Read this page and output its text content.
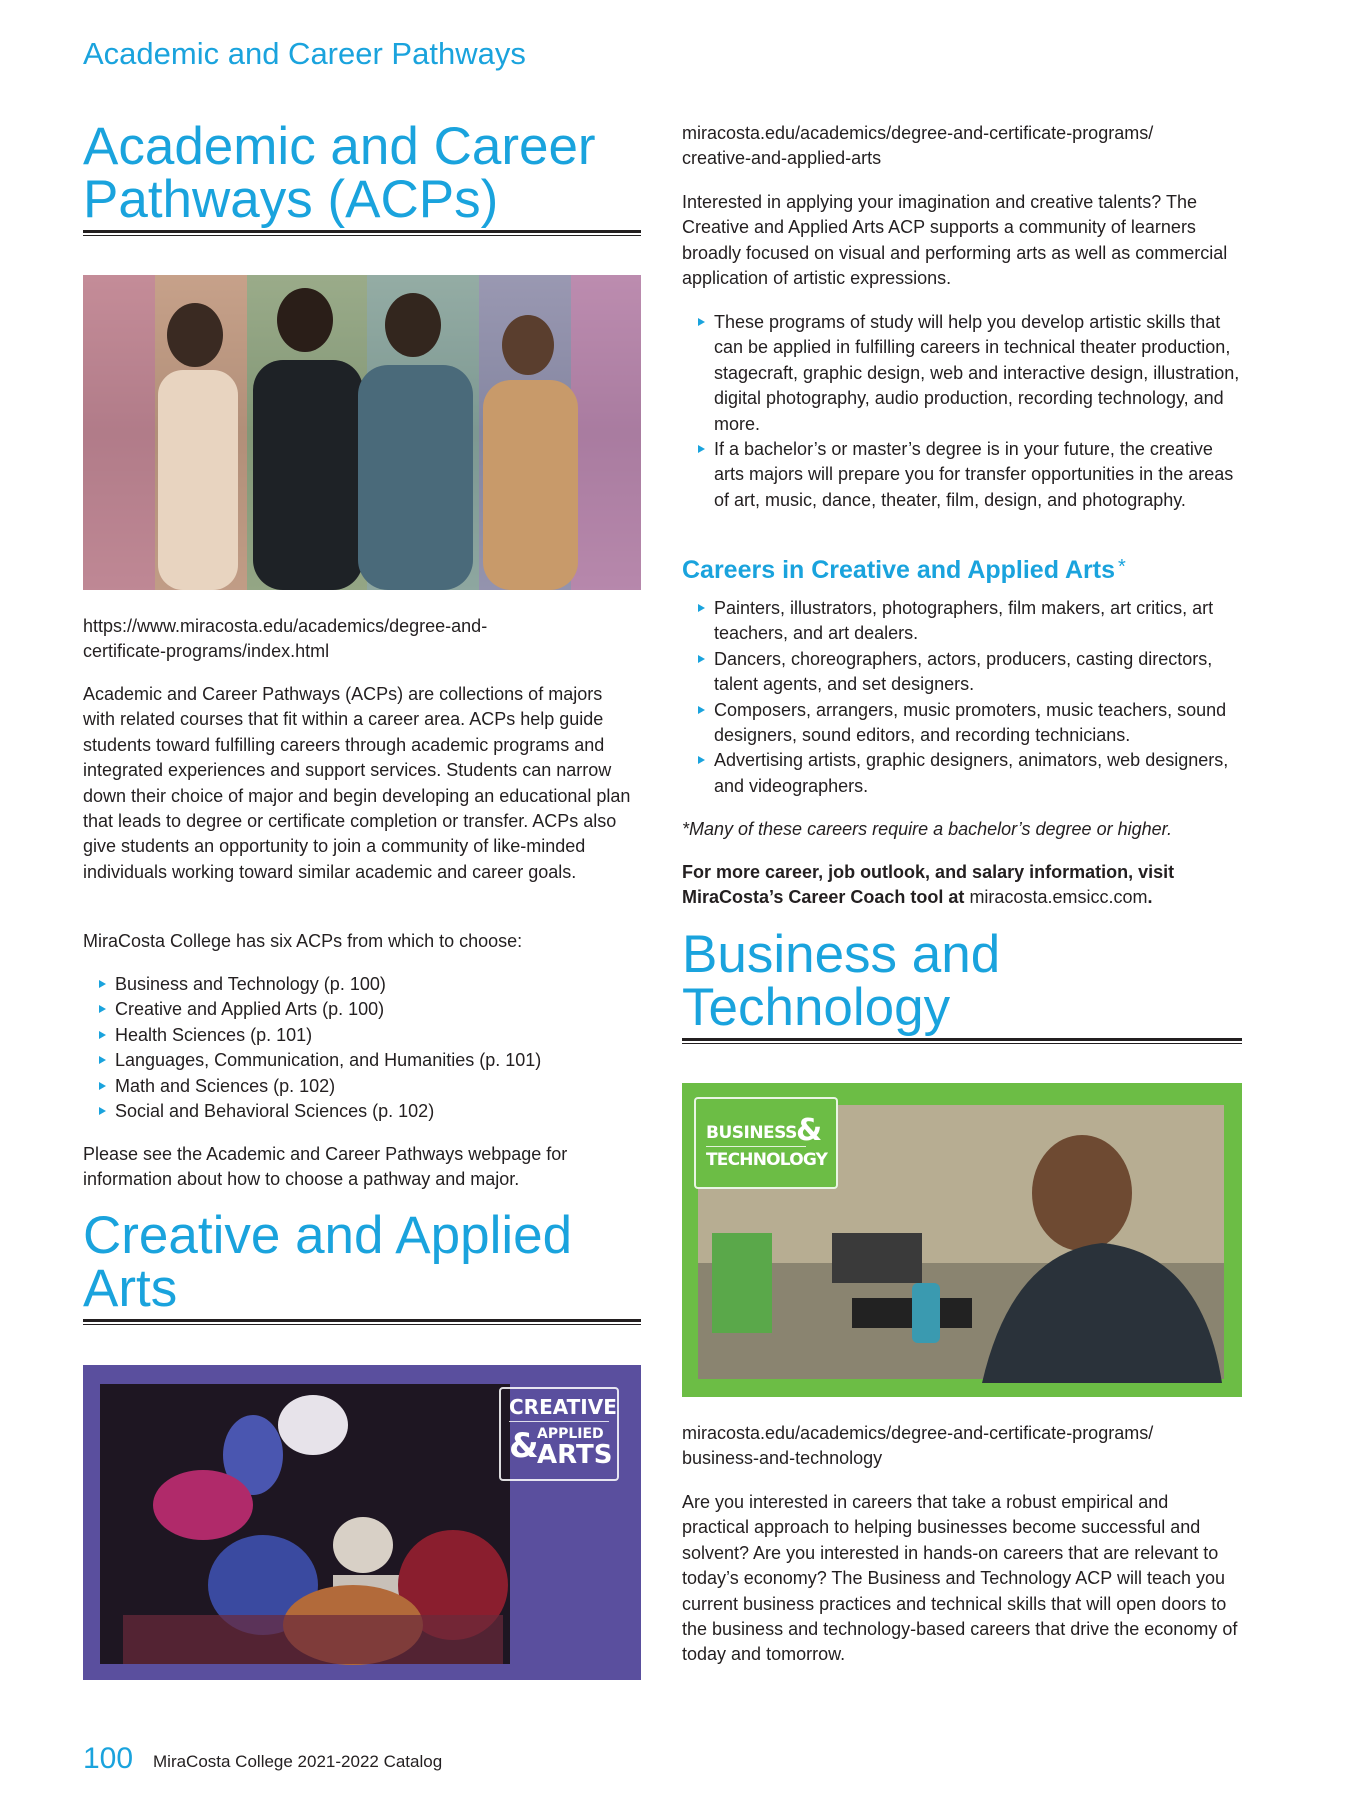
Academic and Career Pathways
Academic and Career
Pathways (ACPs)
https://www.miracosta.edu/academics/degree-and-
certificate-programs/index.html
Academic and Career Pathways (ACPs) are collections of majors with related courses that fit within a career area. ACPs help guide students toward fulfilling careers through academic programs and integrated experiences and support services. Students can narrow down their choice of major and begin developing an educational plan that leads to degree or certificate completion or transfer. ACPs also give students an opportunity to join a community of like-minded individuals working toward similar academic and career goals.
MiraCosta College has six ACPs from which to choose:
Business and Technology (p. 100)
Creative and Applied Arts (p. 100)
Health Sciences (p. 101)
Languages, Communication, and Humanities (p. 101)
Math and Sciences (p. 102)
Social and Behavioral Sciences (p. 102)
Please see the Academic and Career Pathways webpage for information about how to choose a pathway and major.
Creative and Applied
Arts
CREATIVE
&
APPLIED
ARTS
miracosta.edu/academics/degree-and-certificate-programs/
creative-and-applied-arts
Interested in applying your imagination and creative talents? The Creative and Applied Arts ACP supports a community of learners broadly focused on visual and performing arts as well as commercial application of artistic expressions.
These programs of study will help you develop artistic skills that can be applied in fulfilling careers in technical theater production, stagecraft, graphic design, web and interactive design, illustration, digital photography, audio production, recording technology, and more.
If a bachelor’s or master’s degree is in your future, the creative arts majors will prepare you for transfer opportunities in the areas of art, music, dance, theater, film, design, and photography.
Careers in Creative and Applied Arts *
Painters, illustrators, photographers, film makers, art critics, art teachers, and art dealers.
Dancers, choreographers, actors, producers, casting directors, talent agents, and set designers.
Composers, arrangers, music promoters, music teachers, sound designers, sound editors, and recording technicians.
Advertising artists, graphic designers, animators, web designers, and videographers.
*Many of these careers require a bachelor’s degree or higher.
For more career, job outlook, and salary information, visit MiraCosta’s Career Coach tool at miracosta.emsicc.com.
Business and
Technology
BUSINESS &
TECHNOLOGY
miracosta.edu/academics/degree-and-certificate-programs/
business-and-technology
Are you interested in careers that take a robust empirical and practical approach to helping businesses become successful and solvent? Are you interested in hands-on careers that are relevant to today’s economy? The Business and Technology ACP will teach you current business practices and technical skills that will open doors to the business and technology-based careers that drive the economy of today and tomorrow.
100 MiraCosta College 2021-2022 Catalog
